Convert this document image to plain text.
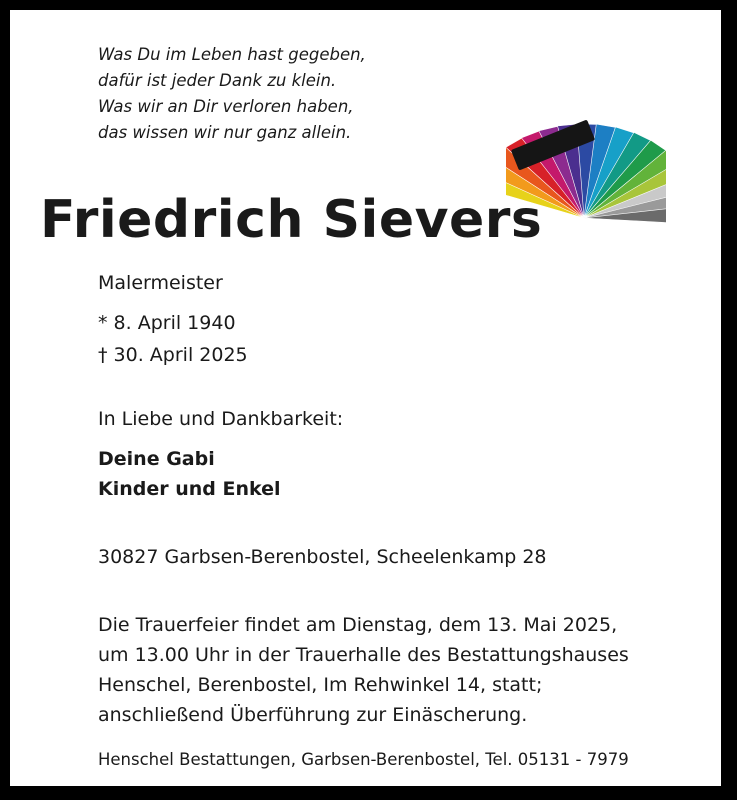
Was Du im Leben hast gegeben,
dafür ist jeder Dank zu klein.
Was wir an Dir verloren haben,
das wissen wir nur ganz allein.
Friedrich Sievers
Malermeister
* 8. April 1940
† 30. April 2025
In Liebe und Dankbarkeit:
Deine Gabi
Kinder und Enkel
30827 Garbsen-Berenbostel, Scheelenkamp 28
Die Trauerfeier findet am Dienstag, dem 13. Mai 2025,
um 13.00 Uhr in der Trauerhalle des Bestattungshauses
Henschel, Berenbostel, Im Rehwinkel 14, statt;
anschließend Überführung zur Einäscherung.
Henschel Bestattungen, Garbsen-Berenbostel, Tel. 05131 - 7979
